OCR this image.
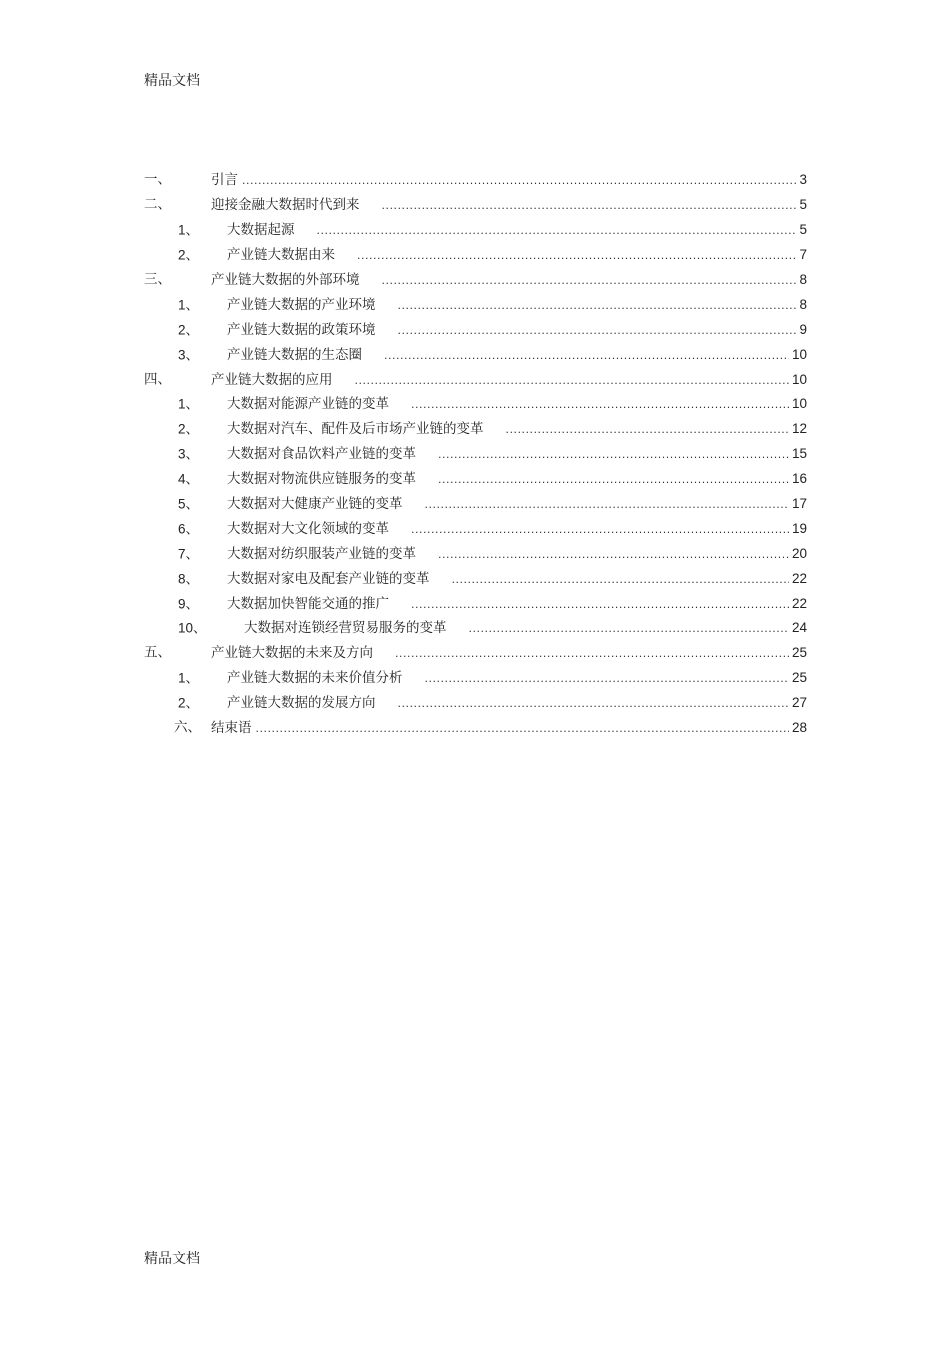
精品文档
一、	引言 .....	3
二、	迎接金融大数据时代到来 .....	5
1、 大数据起源 .....	5
2、 产业链大数据由来 .....	7
三、	产业链大数据的外部环境 .....	8
1、 产业链大数据的产业环境 .....	8
2、 产业链大数据的政策环境 .....	9
3、 产业链大数据的生态圈 .....	10
四、	产业链大数据的应用 .....	10
1、 大数据对能源产业链的变革 .....	10
2、 大数据对汽车、配件及后市场产业链的变革 .....	12
3、 大数据对食品饮料产业链的变革 .....	15
4、 大数据对物流供应链服务的变革 .....	16
5、 大数据对大健康产业链的变革 .....	17
6、 大数据对大文化领域的变革 .....	19
7、 大数据对纺织服装产业链的变革 .....	20
8、 大数据对家电及配套产业链的变革 .....	22
9、 大数据加快智能交通的推广 .....	22
10、	大数据对连锁经营贸易服务的变革 .....	24
五、	产业链大数据的未来及方向 .....	25
1、 产业链大数据的未来价值分析 .....	25
2、 产业链大数据的发展方向 .....	27
六、 结束语 .....	28
精品文档
